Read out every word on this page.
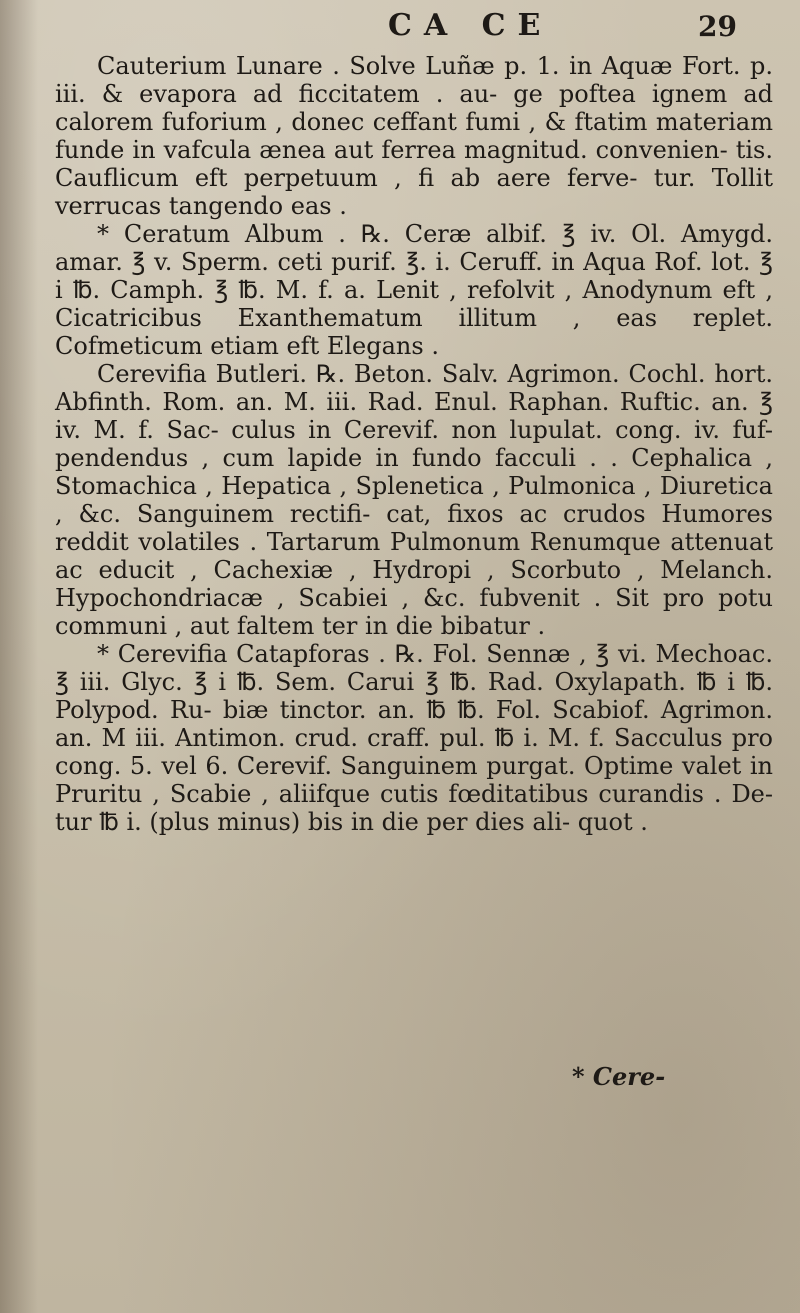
CA CE	29

Cauterium Lunare . Solve Luñæ p. 1. in Aquæ Fort. p. iii. & evapora ad ficcitatem . au- ge poftea ignem ad calorem fuforium , donec ceffant fumi , & ftatim materiam funde in vafcula ænea aut ferrea magnitud. convenien- tis. Cauflicum eft perpetuum , fi ab aere ferve- tur. Tollit verrucas tangendo eas .

* Ceratum Album . ℞. Ceræ albif. ℥ iv. Ol. Amygd. amar. ℥ v. Sperm. ceti purif. ℥. i. Ceruff. in Aqua Rof. lot. ℥ i ℔. Camph. ℥ ℔. M. f. a. Lenit , refolvit , Anodynum eft , Cicatricibus Exanthematum illitum , eas replet. Cofmeticum etiam eft Elegans .

Cerevifia Butleri. ℞. Beton. Salv. Agrimon. Cochl. hort. Abfinth. Rom. an. M. iii. Rad. Enul. Raphan. Ruftic. an. ℥ iv. M. f. Sac- culus in Cerevif. non lupulat. cong. iv. fuf- pendendus , cum lapide in fundo facculi . . Cephalica , Stomachica , Hepatica , Splenetica , Pulmonica , Diuretica , &c. Sanguinem rectifi- cat, fixos ac crudos Humores reddit volatiles . Tartarum Pulmonum Renumque attenuat ac educit , Cachexiæ , Hydropi , Scorbuto , Melanch. Hypochondriacæ , Scabiei , &c. fubvenit . Sit pro potu communi , aut faltem ter in die bibatur .

* Cerevifia Catapforas . ℞. Fol. Sennæ , ℥ vi. Mechoac. ℥ iii. Glyc. ℥ i ℔. Sem. Carui ℥ ℔. Rad. Oxylapath. ℔ i ℔. Polypod. Ru- biæ tinctor. an. ℔ ℔. Fol. Scabiof. Agrimon. an. M iii. Antimon. crud. craff. pul. ℔ i. M. f. Sacculus pro cong. 5. vel 6. Cerevif. Sanguinem purgat. Optime valet in Pruritu , Scabie , aliifque cutis fœditatibus curandis . De- tur ℔ i. (plus minus) bis in die per dies ali- quot .

* Cere-
